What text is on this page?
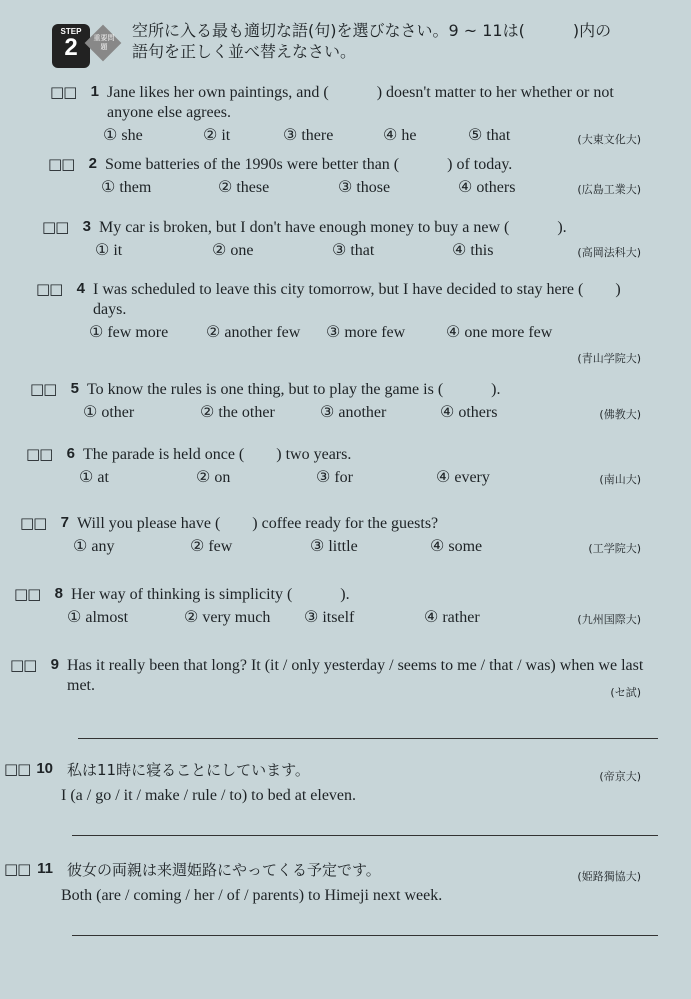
STEP
2	重要問題
空所に入る最も適切な語(句)を選びなさい。9 ~ 11は(　　　)内の
語句を正しく並べ替えなさい。
□□ 1 Jane likes her own paintings, and (　　　) doesn't matter to her whether or not anyone else agrees.
① she	② it	③ there	④ he	⑤ that	(大東文化大)
□□ 2 Some batteries of the 1990s were better than (　　　) of today.
① them	② these	③ those	④ others	(広島工業大)
□□ 3 My car is broken, but I don't have enough money to buy a new (　　　).
① it	② one	③ that	④ this	(高岡法科大)
□□ 4 I was scheduled to leave this city tomorrow, but I have decided to stay here (　　) days.
① few more	② another few	③ more few	④ one more few
(青山学院大)
□□ 5 To know the rules is one thing, but to play the game is (　　　).
① other	② the other	③ another	④ others	(佛教大)
□□ 6 The parade is held once (　　) two years.
① at	② on	③ for	④ every	(南山大)
□□ 7 Will you please have (　　) coffee ready for the guests?
① any	② few	③ little	④ some	(工学院大)
□□ 8 Her way of thinking is simplicity (　　　).
① almost	② very much	③ itself	④ rather	(九州国際大)
□□ 9 Has it really been that long? It (it / only yesterday / seems to me / that / was) when we last met.	(セ試)
□□ 10 私は11時に寝ることにしています。
I (a / go / it / make / rule / to) to bed at eleven.
(帝京大)
□□ 11 彼女の両親は来週姫路にやってくる予定です。
Both (are / coming / her / of / parents) to Himeji next week.
(姫路獨協大)
